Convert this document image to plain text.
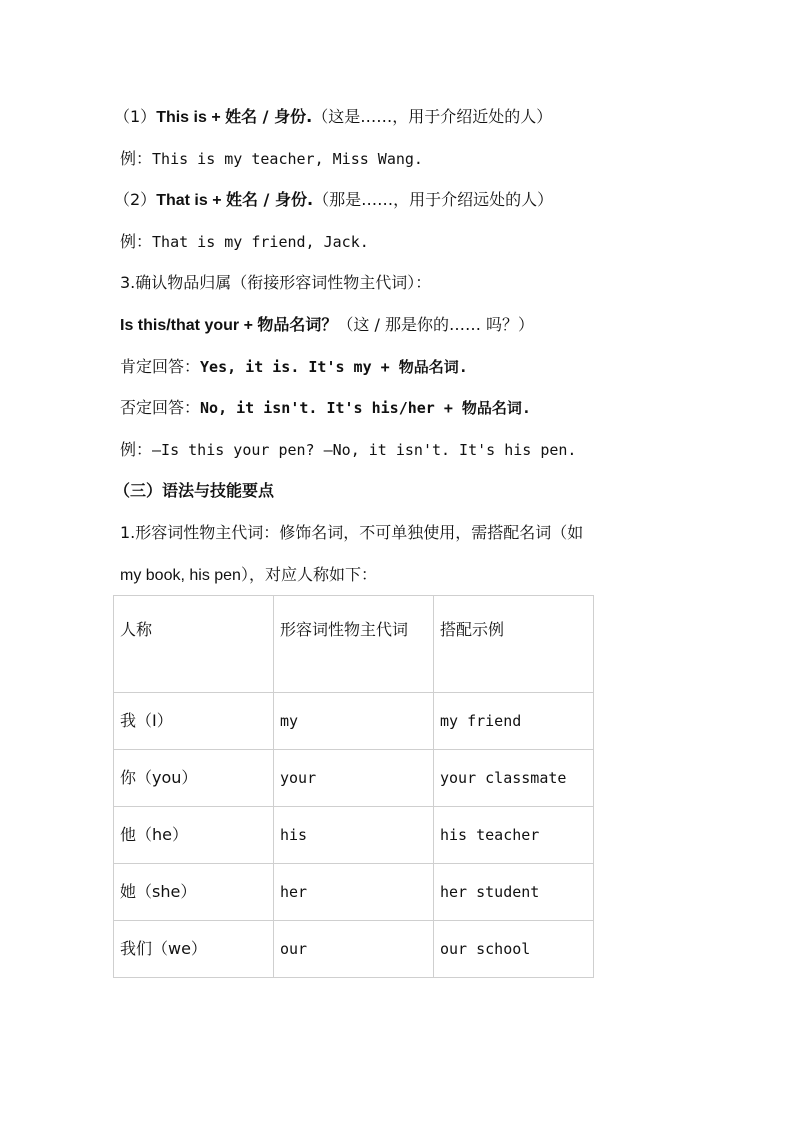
（1）This is + 姓名 / 身份.（这是……，用于介绍近处的人）
例：This is my teacher, Miss Wang.
（2）That is + 姓名 / 身份.（那是……，用于介绍远处的人）
例：That is my friend, Jack.
3.确认物品归属（衔接形容词性物主代词）：
Is this/that your + 物品名词？（这 / 那是你的…… 吗？）
肯定回答：Yes, it is. It's my + 物品名词.
否定回答：No, it isn't. It's his/her + 物品名词.
例：—Is this your pen? —No, it isn't. It's his pen.
（三）语法与技能要点
1.形容词性物主代词：修饰名词，不可单独使用，需搭配名词（如
my book, his pen），对应人称如下：
人称	形容词性物主代词	搭配示例
我（I）	my	my friend
你（you）	your	your classmate
他（he）	his	his teacher
她（she）	her	her student
我们（we）	our	our school
